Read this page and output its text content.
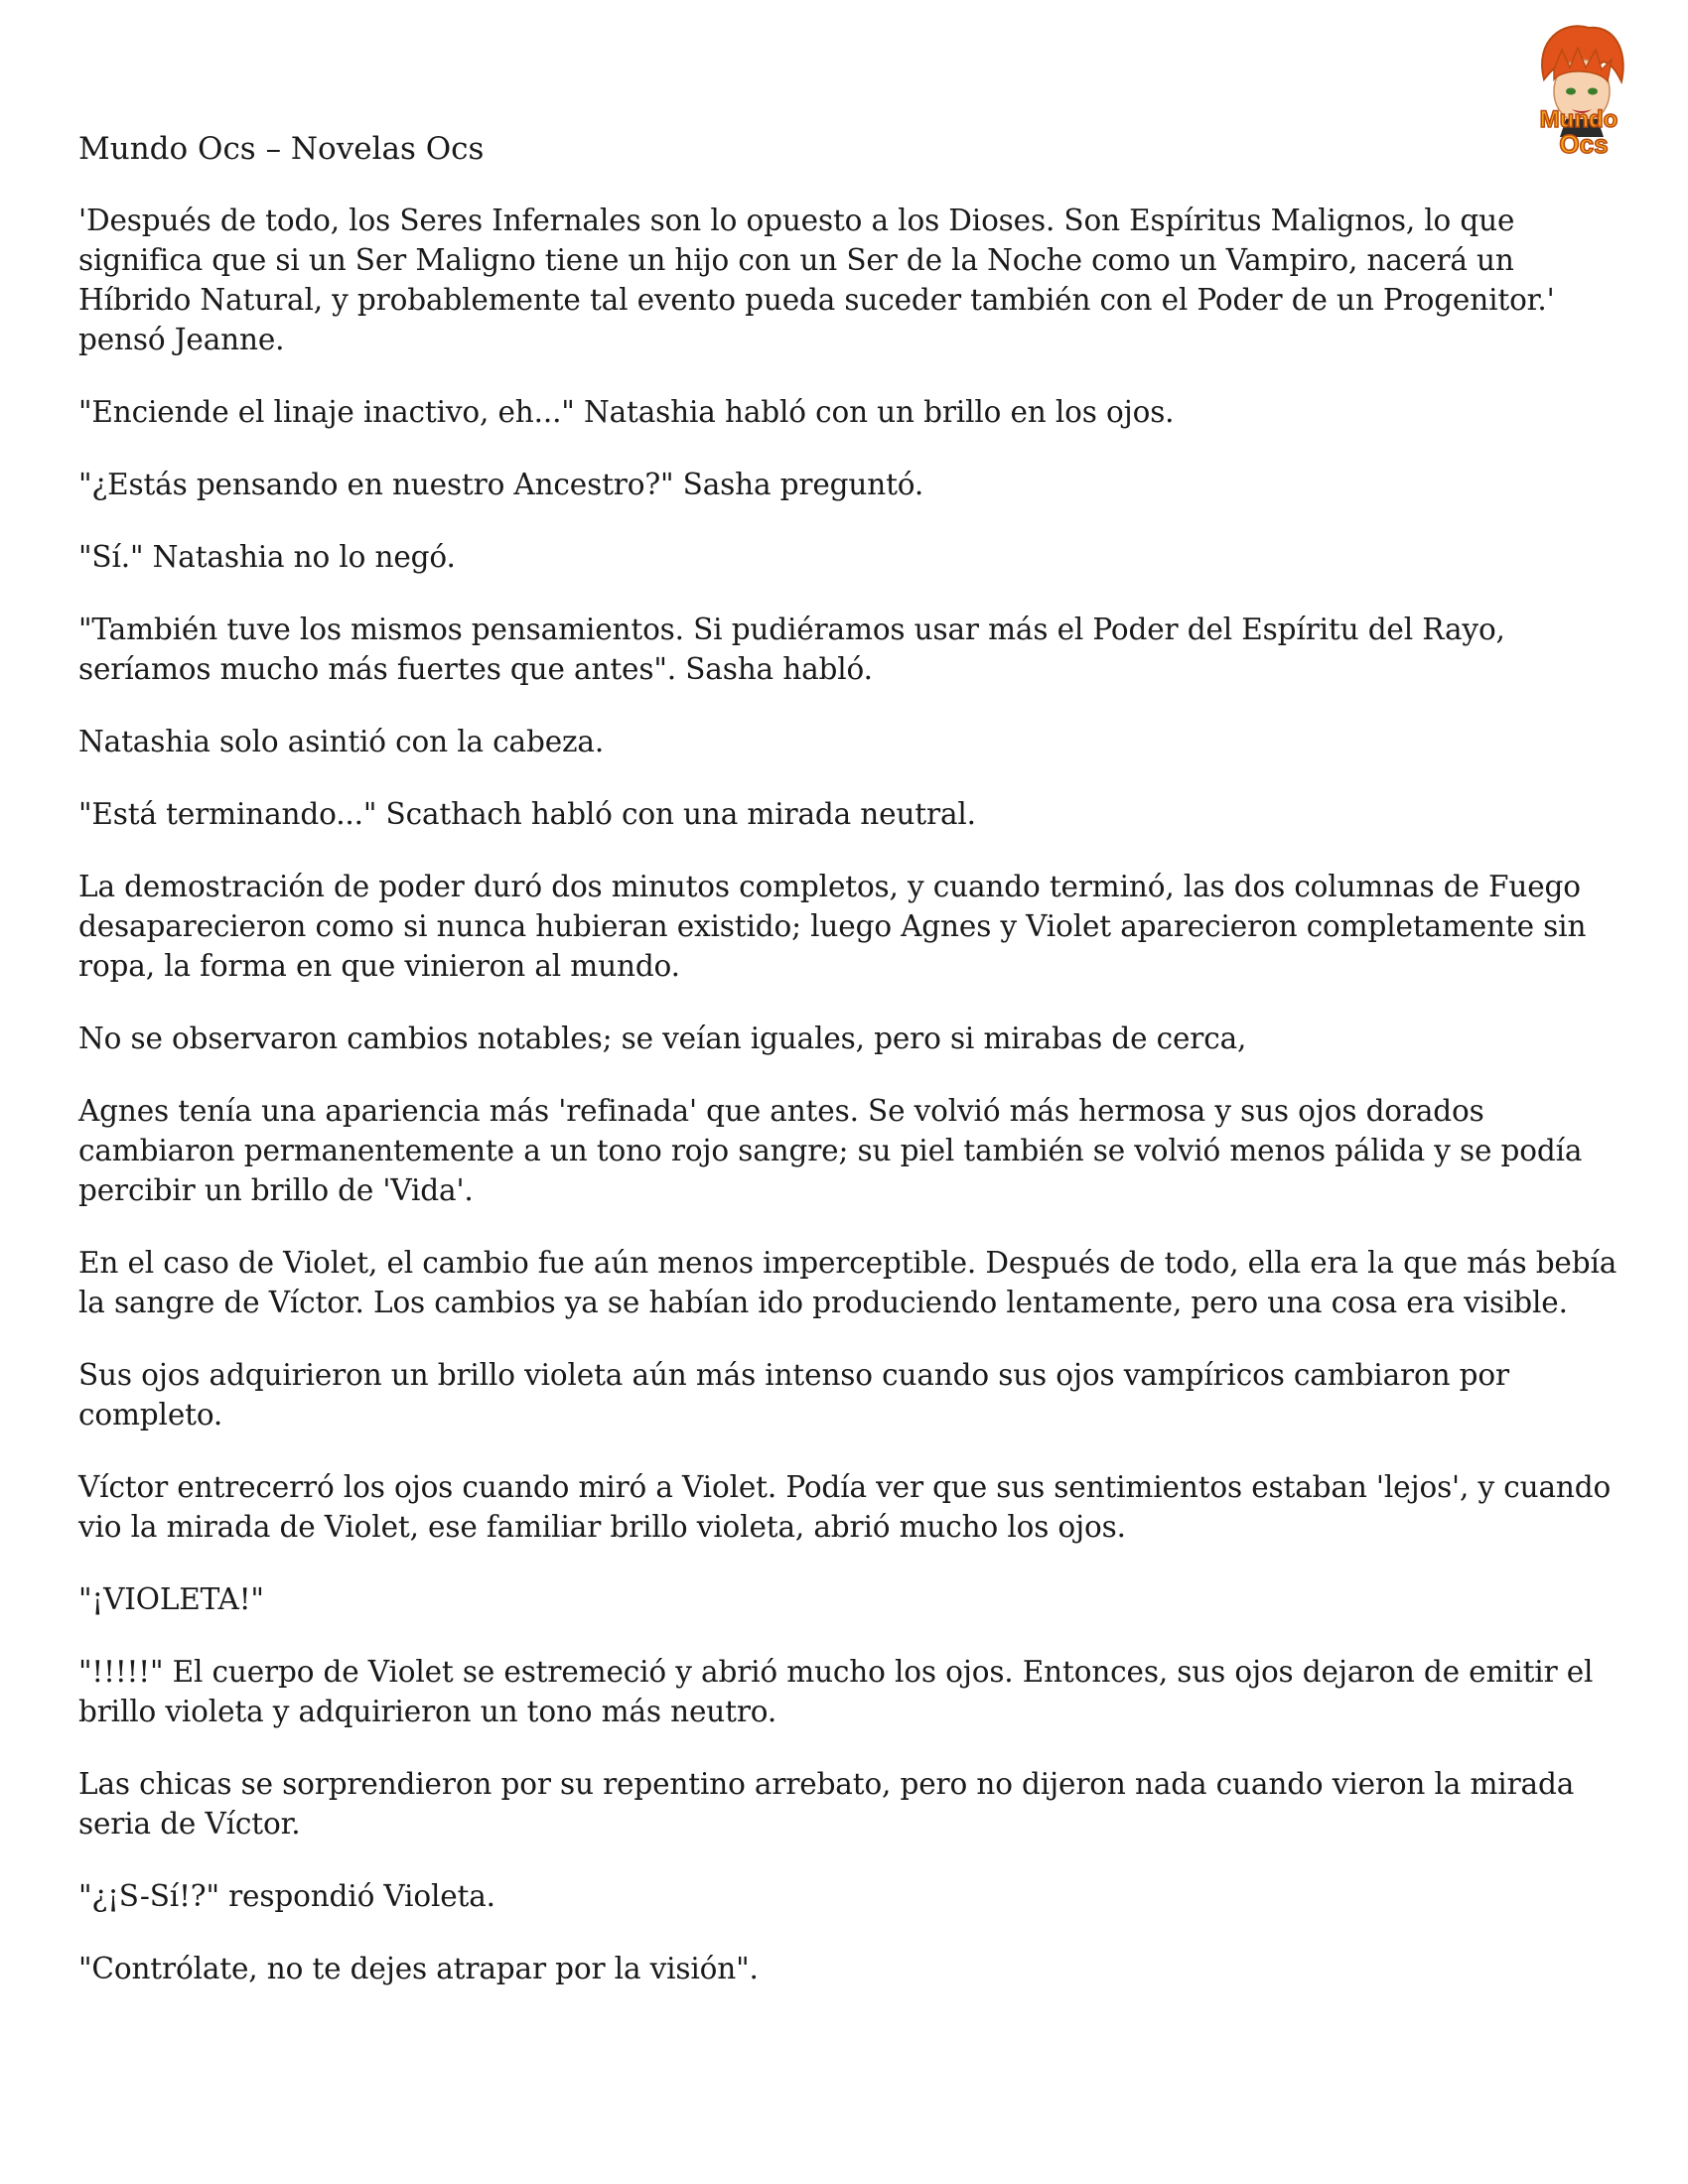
Mundo
Ocs
Mundo Ocs – Novelas Ocs

'Después de todo, los Seres Infernales son lo opuesto a los Dioses. Son Espíritus Malignos, lo que significa que si un Ser Maligno tiene un hijo con un Ser de la Noche como un Vampiro, nacerá un Híbrido Natural, y probablemente tal evento pueda suceder también con el Poder de un Progenitor.' pensó Jeanne.

"Enciende el linaje inactivo, eh..." Natashia habló con un brillo en los ojos.

"¿Estás pensando en nuestro Ancestro?" Sasha preguntó.

"Sí." Natashia no lo negó.

"También tuve los mismos pensamientos. Si pudiéramos usar más el Poder del Espíritu del Rayo, seríamos mucho más fuertes que antes". Sasha habló.

Natashia solo asintió con la cabeza.

"Está terminando..." Scathach habló con una mirada neutral.

La demostración de poder duró dos minutos completos, y cuando terminó, las dos columnas de Fuego desaparecieron como si nunca hubieran existido; luego Agnes y Violet aparecieron completamente sin ropa, la forma en que vinieron al mundo.

No se observaron cambios notables; se veían iguales, pero si mirabas de cerca,

Agnes tenía una apariencia más 'refinada' que antes. Se volvió más hermosa y sus ojos dorados cambiaron permanentemente a un tono rojo sangre; su piel también se volvió menos pálida y se podía percibir un brillo de 'Vida'.

En el caso de Violet, el cambio fue aún menos imperceptible. Después de todo, ella era la que más bebía la sangre de Víctor. Los cambios ya se habían ido produciendo lentamente, pero una cosa era visible.

Sus ojos adquirieron un brillo violeta aún más intenso cuando sus ojos vampíricos cambiaron por completo.

Víctor entrecerró los ojos cuando miró a Violet. Podía ver que sus sentimientos estaban 'lejos', y cuando vio la mirada de Violet, ese familiar brillo violeta, abrió mucho los ojos.

"¡VIOLETA!"

"!!!!!" El cuerpo de Violet se estremeció y abrió mucho los ojos. Entonces, sus ojos dejaron de emitir el brillo violeta y adquirieron un tono más neutro.

Las chicas se sorprendieron por su repentino arrebato, pero no dijeron nada cuando vieron la mirada seria de Víctor.

"¿¡S-Sí!?" respondió Violeta.

"Contrólate, no te dejes atrapar por la visión".
